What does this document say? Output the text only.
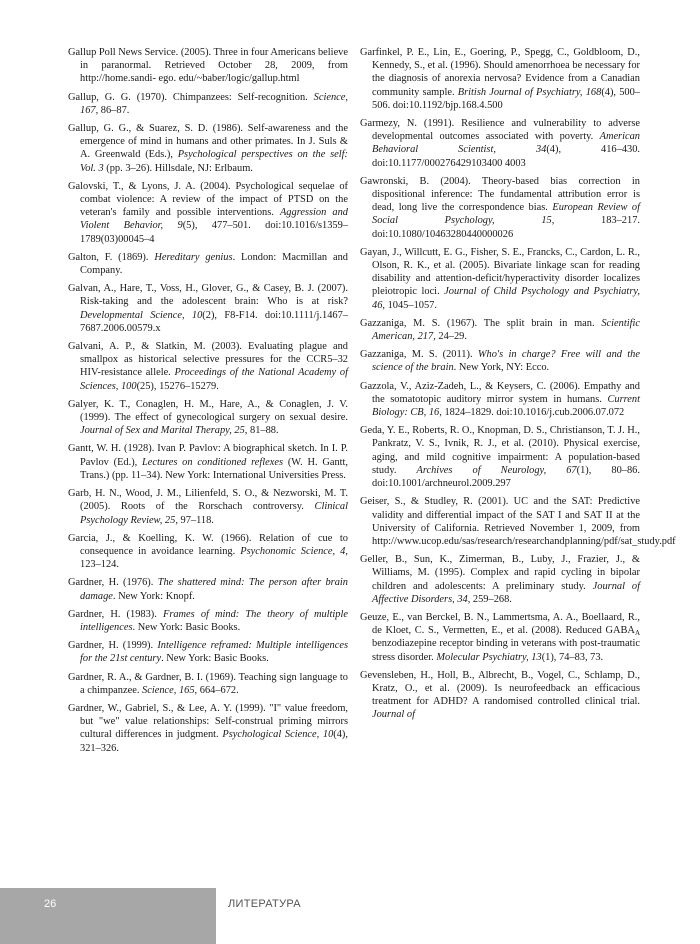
Gallup Poll News Service. (2005). Three in four Americans believe in paranormal. Retrieved October 28, 2009, from http://home.sandi- ego. edu/~baber/logic/gallup.html

Gallup, G. G. (1970). Chimpanzees: Self-recognition. Science, 167, 86–87.

Gallup, G. G., & Suarez, S. D. (1986). Self-awareness and the emergence of mind in humans and other primates. In J. Suls & A. Greenwald (Eds.), Psychological perspectives on the self: Vol. 3 (pp. 3–26). Hillsdale, NJ: Erlbaum.

Galovski, T., & Lyons, J. A. (2004). Psychological sequelae of combat violence: A review of the impact of PTSD on the veteran's family and possible interventions. Aggression and Violent Behavior, 9(5), 477–501. doi:10.1016/s1359–1789(03)00045–4

Galton, F. (1869). Hereditary genius. London: Macmillan and Company.

Galvan, A., Hare, T., Voss, H., Glover, G., & Casey, B. J. (2007). Risk-taking and the adolescent brain: Who is at risk? Developmental Science, 10(2), F8-F14. doi:10.1111/j.1467–7687.2006.00579.x

Galvani, A. P., & Slatkin, M. (2003). Evaluating plague and smallpox as historical selective pressures for the CCR5–32 HIV-resistance allele. Proceedings of the National Academy of Sciences, 100(25), 15276–15279.

Galyer, K. T., Conaglen, H. M., Hare, A., & Conaglen, J. V. (1999). The effect of gynecological surgery on sexual desire. Journal of Sex and Marital Therapy, 25, 81–88.

Gantt, W. H. (1928). Ivan P. Pavlov: A biographical sketch. In I. P. Pavlov (Ed.), Lectures on conditioned reflexes (W. H. Gantt, Trans.) (pp. 11–34). New York: International Universities Press.

Garb, H. N., Wood, J. M., Lilienfeld, S. O., & Nezworski, M. T. (2005). Roots of the Rorschach controversy. Clinical Psychology Review, 25, 97–118.

Garcia, J., & Koelling, K. W. (1966). Relation of cue to consequence in avoidance learning. Psychonomic Science, 4, 123–124.

Gardner, H. (1976). The shattered mind: The person after brain damage. New York: Knopf.

Gardner, H. (1983). Frames of mind: The theory of multiple intelligences. New York: Basic Books.

Gardner, H. (1999). Intelligence reframed: Multiple intelligences for the 21st century. New York: Basic Books.

Gardner, R. A., & Gardner, B. I. (1969). Teaching sign language to a chimpanzee. Science, 165, 664–672.

Gardner, W., Gabriel, S., & Lee, A. Y. (1999). "I" value freedom, but "we" value relationships: Self-construal priming mirrors cultural differences in judgment. Psychological Science, 10(4), 321–326.

Garfinkel, P. E., Lin, E., Goering, P., Spegg, C., Goldbloom, D., Kennedy, S., et al. (1996). Should amenorrhoea be necessary for the diagnosis of anorexia nervosa? Evidence from a Canadian community sample. British Journal of Psychiatry, 168(4), 500–506. doi:10.1192/bjp.168.4.500

Garmezy, N. (1991). Resilience and vulnerability to adverse developmental outcomes associated with poverty. American Behavioral Scientist, 34(4), 416–430. doi:10.1177/000276429103400 4003

Gawronski, B. (2004). Theory-based bias correction in dispositional inference: The fundamental attribution error is dead, long live the correspondence bias. European Review of Social Psychology, 15, 183–217. doi:10.1080/10463280440000026

Gayan, J., Willcutt, E. G., Fisher, S. E., Francks, C., Cardon, L. R., Olson, R. K., et al. (2005). Bivariate linkage scan for reading disability and attention-deficit/hyperactivity disorder localizes pleiotropic loci. Journal of Child Psychology and Psychiatry, 46, 1045–1057.

Gazzaniga, M. S. (1967). The split brain in man. Scientific American, 217, 24–29.

Gazzaniga, M. S. (2011). Who's in charge? Free will and the science of the brain. New York, NY: Ecco.

Gazzola, V., Aziz-Zadeh, L., & Keysers, C. (2006). Empathy and the somatotopic auditory mirror system in humans. Current Biology: CB, 16, 1824–1829. doi:10.1016/j.cub.2006.07.072

Geda, Y. E., Roberts, R. O., Knopman, D. S., Christianson, T. J. H., Pankratz, V. S., Ivnik, R. J., et al. (2010). Physical exercise, aging, and mild cognitive impairment: A population-based study. Archives of Neurology, 67(1), 80–86. doi:10.1001/archneurol.2009.297

Geiser, S., & Studley, R. (2001). UC and the SAT: Predictive validity and differential impact of the SAT I and SAT II at the University of California. Retrieved November 1, 2009, from http://www.ucop.edu/sas/research/researchandplanning/pdf/sat_study.pdf

Geller, B., Sun, K., Zimerman, B., Luby, J., Frazier, J., & Williams, M. (1995). Complex and rapid cycling in bipolar children and adolescents: A preliminary study. Journal of Affective Disorders, 34, 259–268.

Geuze, E., van Berckel, B. N., Lammertsma, A. A., Boellaard, R., de Kloet, C. S., Vermetten, E., et al. (2008). Reduced $GABA_A$ benzodiazepine receptor binding in veterans with post-traumatic stress disorder. Molecular Psychiatry, 13(1), 74–83, 73.

Gevensleben, H., Holl, B., Albrecht, B., Vogel, C., Schlamp, D., Kratz, O., et al. (2009). Is neurofeedback an efficacious treatment for ADHD? A randomised controlled clinical trial. Journal of

26	ЛИТЕРАТУРА
